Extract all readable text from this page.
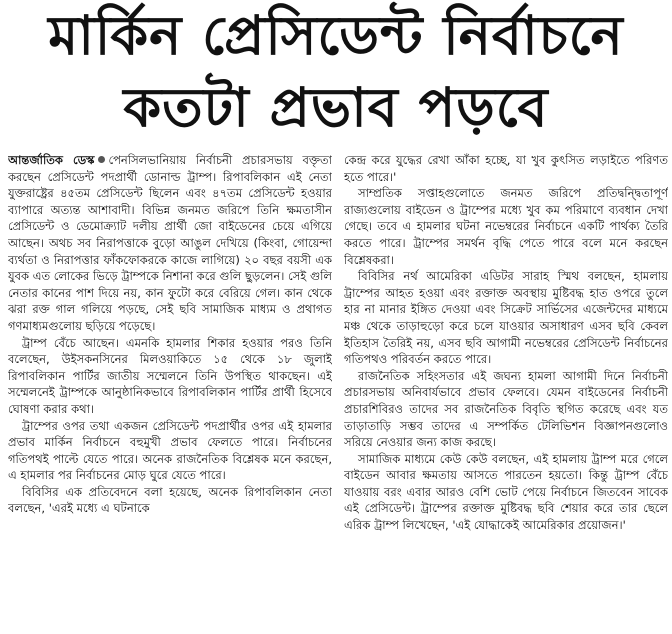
মার্কিন প্রেসিডেন্ট নির্বাচনে
কতটা প্রভাব পড়বে

আন্তর্জাতিক ডেস্ক পেনসিলভানিয়ায় নির্বাচনী প্রচারসভায় বক্তৃতা করছেন প্রেসিডেন্ট পদপ্রার্থী ডোনাল্ড ট্রাম্প। রিপাবলিকান এই নেতা যুক্তরাষ্ট্রের ৪৫তম প্রেসিডেন্ট ছিলেন এবং ৪৭তম প্রেসিডেন্ট হওয়ার ব্যাপারে অত্যন্ত আশাবাদী। বিভিন্ন জনমত জরিপে তিনি ক্ষমতাসীন প্রেসিডেন্ট ও ডেমোক্র্যাট দলীয় প্রার্থী জো বাইডেনের চেয়ে এগিয়ে আছেন। অথচ সব নিরাপত্তাকে বুড়ো আঙুল দেখিয়ে (কিংবা, গোয়েন্দা ব্যর্থতা ও নিরাপত্তার ফাঁকফোকরকে কাজে লাগিয়ে) ২০ বছর বয়সী এক যুবক এত লোকের ভিড়ে ট্রাম্পকে নিশানা করে গুলি ছুড়লেন। সেই গুলি নেতার কানের পাশ দিয়ে নয়, কান ফুটো করে বেরিয়ে গেল। কান থেকে ঝরা রক্ত গাল গলিয়ে পড়ছে, সেই ছবি সামাজিক মাধ্যম ও প্রথাগত গণমাধ্যমগুলোয় ছড়িয়ে পড়েছে।

ট্রাম্প বেঁচে আছেন। এমনকি হামলার শিকার হওয়ার পরও তিনি বলেছেন, উইসকনসিনের মিলওয়াকিতে ১৫ থেকে ১৮ জুলাই রিপাবলিকান পার্টির জাতীয় সম্মেলনে তিনি উপস্থিত থাকছেন। এই সম্মেলনেই ট্রাম্পকে আনুষ্ঠানিকভাবে রিপাবলিকান পার্টির প্রার্থী হিসেবে ঘোষণা করার কথা।

ট্রাম্পের ওপর তথা একজন প্রেসিডেন্ট পদপ্রার্থীর ওপর এই হামলার প্রভাব মার্কিন নির্বাচনে বহুমুখী প্রভাব ফেলতে পারে। নির্বাচনের গতিপথই পাল্টে যেতে পারে। অনেক রাজনৈতিক বিশ্লেষক মনে করছেন, এ হামলার পর নির্বাচনের মোড় ঘুরে যেতে পারে।

বিবিসির এক প্রতিবেদনে বলা হয়েছে, অনেক রিপাবলিকান নেতা বলছেন, 'এরই মধ্যে এ ঘটনাকে

কেন্দ্র করে যুদ্ধের রেখা আঁকা হচ্ছে, যা খুব কুৎসিত লড়াইতে পরিণত হতে পারে।'

সাম্প্রতিক সপ্তাহগুলোতে জনমত জরিপে প্রতিদ্বন্দ্বিতাপূর্ণ রাজ্যগুলোয় বাইডেন ও ট্রাম্পের মধ্যে খুব কম পরিমাণে ব্যবধান দেখা গেছে। তবে এ হামলার ঘটনা নভেম্বরের নির্বাচনে একটি পার্থক্য তৈরি করতে পারে। ট্রাম্পের সমর্থন বৃদ্ধি পেতে পারে বলে মনে করছেন বিশ্লেষকরা।

বিবিসির নর্থ আমেরিকা এডিটর সারাহ স্মিথ বলছেন, হামলায় ট্রাম্পের আহত হওয়া এবং রক্তাক্ত অবস্থায় মুষ্টিবদ্ধ হাত ওপরে তুলে হার না মানার ইঙ্গিত দেওয়া এবং সিক্রেট সার্ভিসের এজেন্টদের মাধ্যমে মঞ্চ থেকে তাড়াহুড়ো করে চলে যাওয়ার অসাধারণ এসব ছবি কেবল ইতিহাস তৈরিই নয়, এসব ছবি আগামী নভেম্বরের প্রেসিডেন্ট নির্বাচনের গতিপথও পরিবর্তন করতে পারে।

রাজনৈতিক সহিংসতার এই জঘন্য হামলা আগামী দিনে নির্বাচনী প্রচারসভায় অনিবার্যভাবে প্রভাব ফেলবে। যেমন বাইডেনের নির্বাচনী প্রচারশিবিরও তাদের সব রাজনৈতিক বিবৃতি স্থগিত করেছে এবং যত তাড়াতাড়ি সম্ভব তাদের এ সম্পর্কিত টেলিভিশন বিজ্ঞাপনগুলোও সরিয়ে নেওয়ার জন্য কাজ করছে।

সামাজিক মাধ্যমে কেউ কেউ বলছেন, এই হামলায় ট্রাম্প মরে গেলে বাইডেন আবার ক্ষমতায় আসতে পারতেন হয়তো। কিন্তু ট্রাম্প বেঁচে যাওয়ায় বরং এবার আরও বেশি ভোট পেয়ে নির্বাচনে জিতবেন সাবেক এই প্রেসিডেন্ট। ট্রাম্পের রক্তাক্ত মুষ্টিবদ্ধ ছবি শেয়ার করে তার ছেলে এরিক ট্রাম্প লিখেছেন, 'এই যোদ্ধাকেই আমেরিকার প্রয়োজন।'
